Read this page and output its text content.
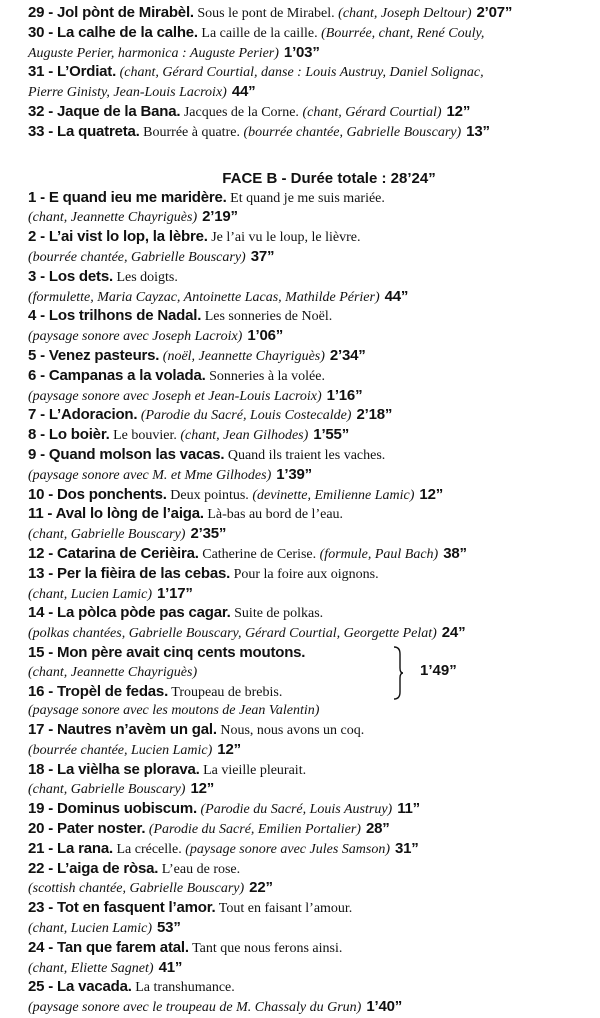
29 - Jol pònt de Mirabèl. Sous le pont de Mirabel. (chant, Joseph Deltour) 2’07”

30 - La calhe de la calhe. La caille de la caille. (Bourrée, chant, René Couly,
Auguste Perier, harmonica : Auguste Perier) 1’03”

31 - L’Ordiat. (chant, Gérard Courtial, danse : Louis Austruy, Daniel Solignac,
Pierre Ginisty, Jean-Louis Lacroix) 44”

32 - Jaque de la Bana. Jacques de la Corne. (chant, Gérard Courtial) 12”

33 - La quatreta. Bourrée à quatre. (bourrée chantée, Gabrielle Bouscary) 13”

FACE B - Durée totale : 28’24”

1 - E quand ieu me maridère. Et quand je me suis mariée.
(chant, Jeannette Chayriguès) 2’19”

2 - L’ai vist lo lop, la lèbre. Je l’ai vu le loup, le lièvre.
(bourrée chantée, Gabrielle Bouscary) 37”

3 - Los dets. Les doigts.
(formulette, Maria Cayzac, Antoinette Lacas, Mathilde Périer) 44”

4 - Los trilhons de Nadal. Les sonneries de Noël.
(paysage sonore avec Joseph Lacroix) 1’06”

5 - Venez pasteurs. (noël, Jeannette Chayriguès) 2’34”

6 - Campanas a la volada. Sonneries à la volée.
(paysage sonore avec Joseph et Jean-Louis Lacroix) 1’16”

7 - L’Adoracion. (Parodie du Sacré, Louis Costecalde) 2’18”

8 - Lo boièr. Le bouvier. (chant, Jean Gilhodes) 1’55”

9 - Quand molson las vacas. Quand ils traient les vaches.
(paysage sonore avec M. et Mme Gilhodes) 1’39”

10 - Dos ponchents. Deux pointus. (devinette, Emilienne Lamic) 12”

11 - Aval lo lòng de l’aiga. Là-bas au bord de l’eau.
(chant, Gabrielle Bouscary) 2’35”

12 - Catarina de Cerièira. Catherine de Cerise. (formule, Paul Bach) 38”

13 - Per la fièira de las cebas. Pour la foire aux oignons.
(chant, Lucien Lamic) 1’17”

14 - La pòlca pòde pas cagar. Suite de polkas.
(polkas chantées, Gabrielle Bouscary, Gérard Courtial, Georgette Pelat) 24”

15 - Mon père avait cinq cents moutons.
(chant, Jeannette Chayriguès)

16 - Tropèl de fedas. Troupeau de brebis.
(paysage sonore avec les moutons de Jean Valentin)

1’49”

17 - Nautres n’avèm un gal. Nous, nous avons un coq.
(bourrée chantée, Lucien Lamic) 12”

18 - La vièlha se plorava. La vieille pleurait.
(chant, Gabrielle Bouscary) 12”

19 - Dominus uobiscum. (Parodie du Sacré, Louis Austruy) 11”

20 - Pater noster. (Parodie du Sacré, Emilien Portalier) 28”

21 - La rana. La crécelle. (paysage sonore avec Jules Samson) 31”

22 - L’aiga de ròsa. L’eau de rose.
(scottish chantée, Gabrielle Bouscary) 22”

23 - Tot en fasquent l’amor. Tout en faisant l’amour.
(chant, Lucien Lamic) 53”

24 - Tan que farem atal. Tant que nous ferons ainsi.
(chant, Eliette Sagnet) 41”

25 - La vacada. La transhumance.
(paysage sonore avec le troupeau de M. Chassaly du Grun) 1’40”
